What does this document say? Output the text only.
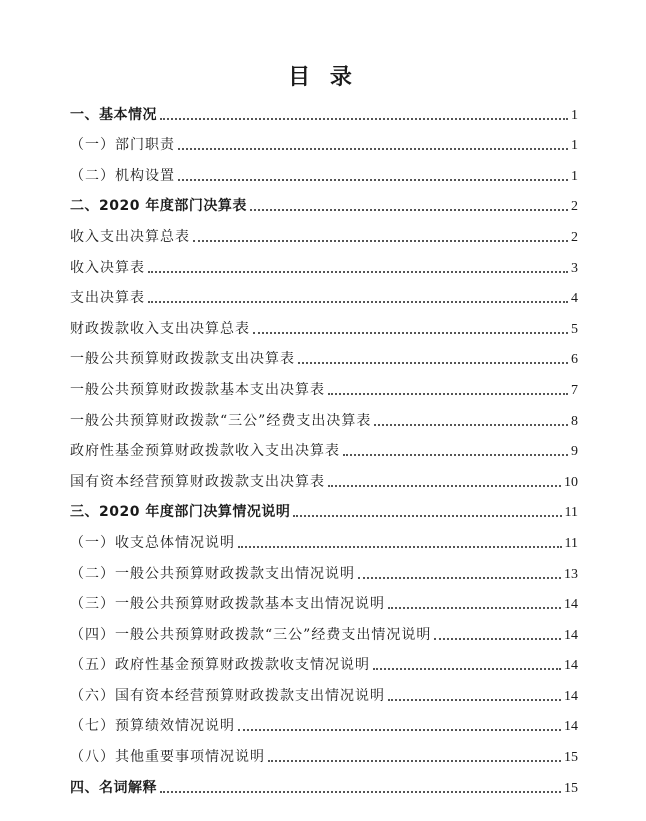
目 录
一、基本情况	1
（一）部门职责	1
（二）机构设置	1
二、2020 年度部门决算表	2
收入支出决算总表	2
收入决算表	3
支出决算表	4
财政拨款收入支出决算总表	5
一般公共预算财政拨款支出决算表	6
一般公共预算财政拨款基本支出决算表	7
一般公共预算财政拨款“三公”经费支出决算表	8
政府性基金预算财政拨款收入支出决算表	9
国有资本经营预算财政拨款支出决算表	10
三、2020 年度部门决算情况说明	11
（一）收支总体情况说明	11
（二）一般公共预算财政拨款支出情况说明	13
（三）一般公共预算财政拨款基本支出情况说明	14
（四）一般公共预算财政拨款“三公”经费支出情况说明	14
（五）政府性基金预算财政拨款收支情况说明	14
（六）国有资本经营预算财政拨款支出情况说明	14
（七）预算绩效情况说明	14
（八）其他重要事项情况说明	15
四、名词解释	15
